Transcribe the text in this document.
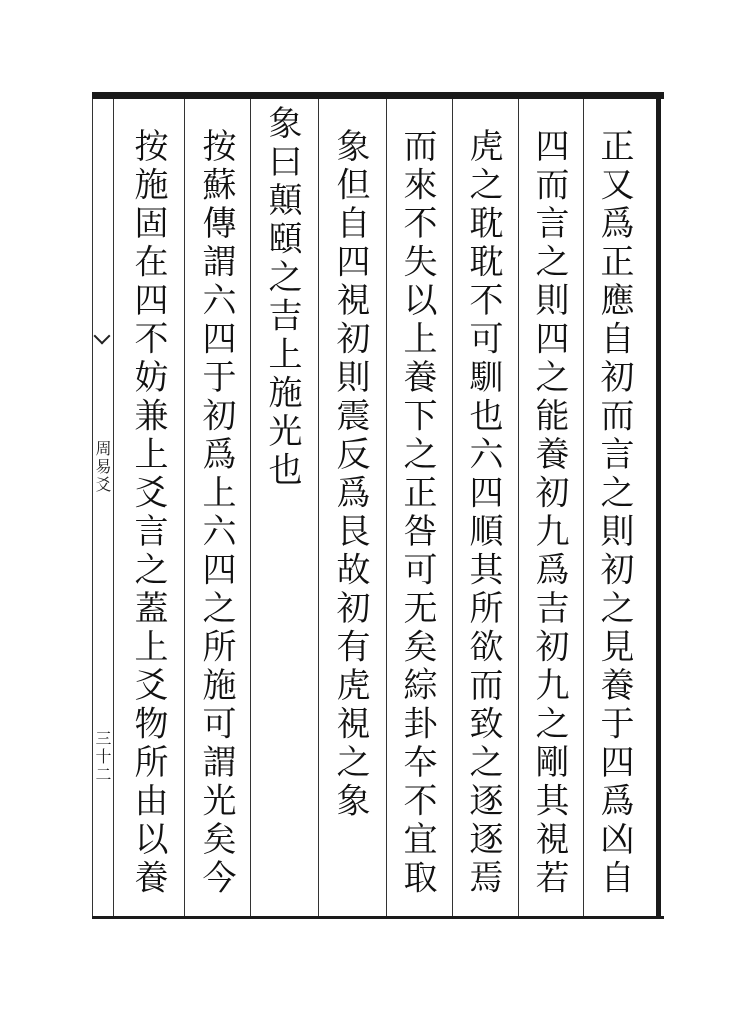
周易爻
三十二	正又爲正應自初而言之則初之見養于四爲凶自
四而言之則四之能養初九爲吉初九之剛其視若
虎之耽耽不可馴也六四順其所欲而致之逐逐焉
而來不失以上養下之正咎可无矣綜卦夲不宜取
象但自四視初則震反爲艮故初有虎視之象
象曰顛頤之吉上施光也
按蘇傳謂六四于初爲上六四之所施可謂光矣今
按施固在四不妨兼上爻言之蓋上爻物所由以養
